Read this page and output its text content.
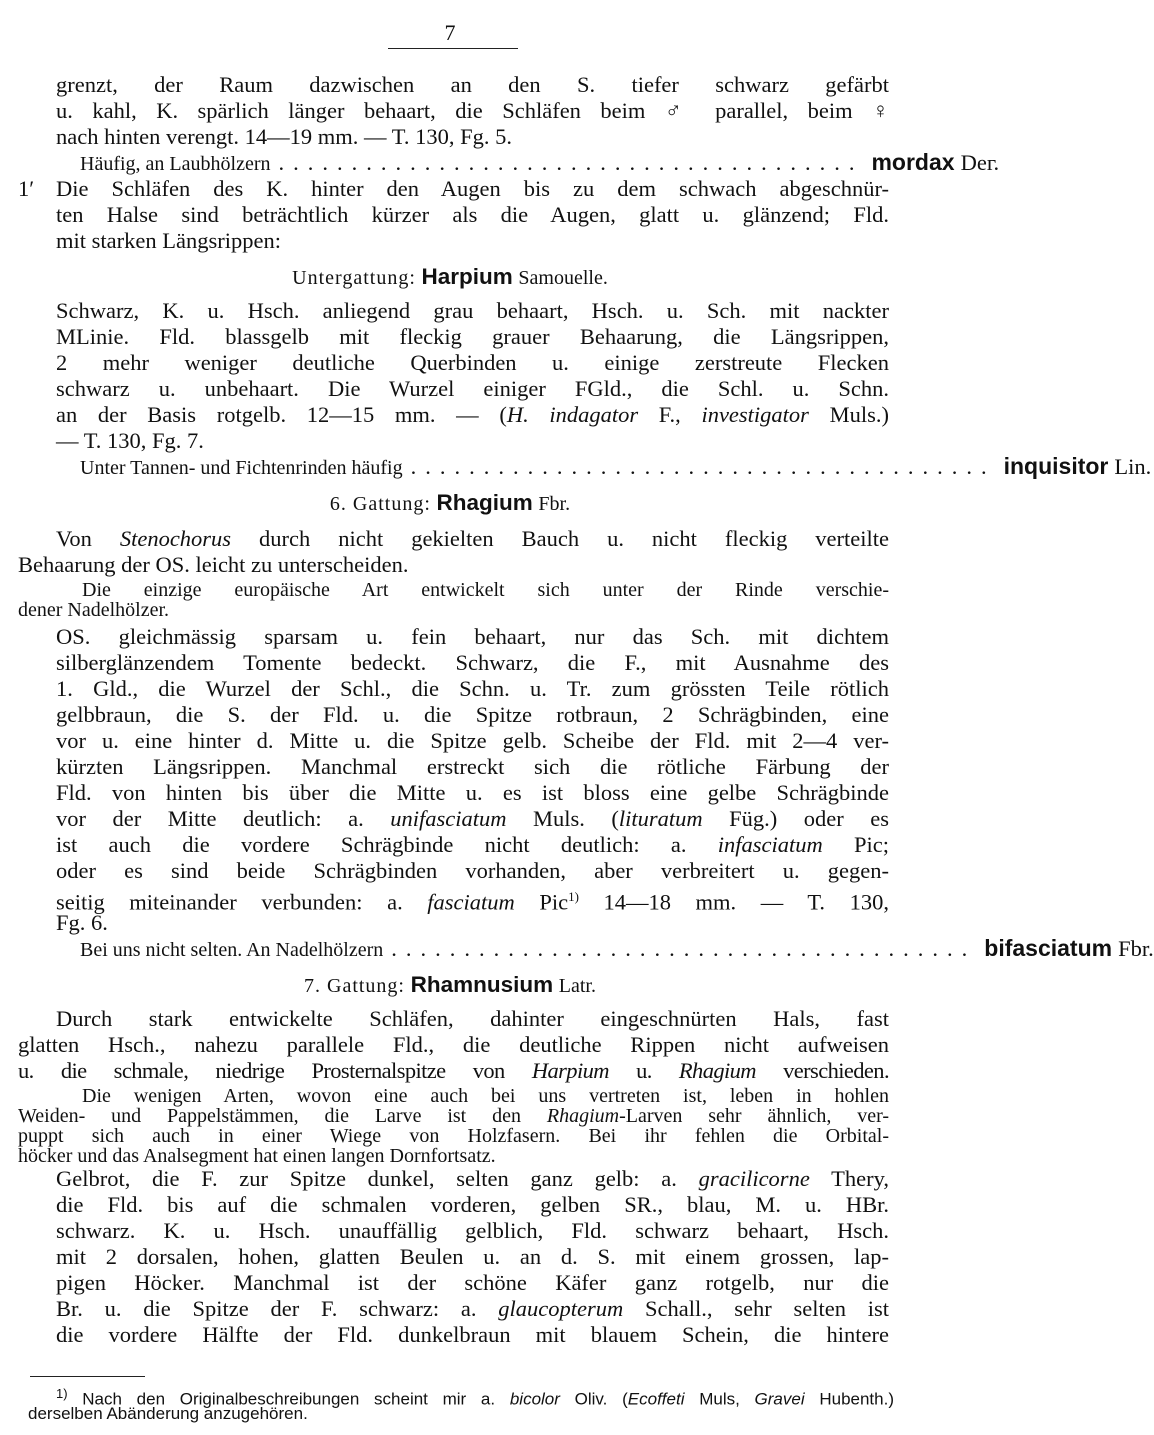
7
grenzt, der Raum dazwischen an den S. tiefer schwarz gefärbt
u. kahl, K. spärlich länger behaart, die Schläfen beim ♂ parallel, beim ♀
nach hinten verengt. 14—19 mm. — T. 130, Fg. 5.
Häufig, an Laubhölzern ........................................ mordax Dег.
1′ Die Schläfen des K. hinter den Augen bis zu dem schwach abgeschnür-
ten Halse sind beträchtlich kürzer als die Augen, glatt u. glänzend; Fld.
mit starken Längsrippen:
Untergattung: Harpium Samouelle.
Schwarz, K. u. Hsch. anliegend grau behaart, Hsch. u. Sch. mit nackter
MLinie. Fld. blassgelb mit fleckig grauer Behaarung, die Längsrippen,
2 mehr weniger deutliche Querbinden u. einige zerstreute Flecken
schwarz u. unbehaart. Die Wurzel einiger FGld., die Schl. u. Schn.
an der Basis rotgelb. 12—15 mm. — (H. indagator F., investigator Muls.)
— T. 130, Fg. 7.
Unter Tannen- und Fichtenrinden häufig ........................................ inquisitor Lin.
6. Gattung: Rhagium Fbr.
Von Stenochorus durch nicht gekielten Bauch u. nicht fleckig verteilte
Behaarung der OS. leicht zu unterscheiden.
Die einzige europäische Art entwickelt sich unter der Rinde verschie-
dener Nadelhölzer.
OS. gleichmässig sparsam u. fein behaart, nur das Sch. mit dichtem
silberglänzendem Tomente bedeckt. Schwarz, die F., mit Ausnahme des
1. Gld., die Wurzel der Schl., die Schn. u. Tr. zum grössten Teile rötlich
gelbbraun, die S. der Fld. u. die Spitze rotbraun, 2 Schrägbinden, eine
vor u. eine hinter d. Mitte u. die Spitze gelb. Scheibe der Fld. mit 2—4 ver-
kürzten Längsrippen. Manchmal erstreckt sich die rötliche Färbung der
Fld. von hinten bis über die Mitte u. es ist bloss eine gelbe Schrägbinde
vor der Mitte deutlich: a. unifasciatum Muls. (lituratum Füg.) oder es
ist auch die vordere Schrägbinde nicht deutlich: a. infasciatum Pic;
oder es sind beide Schrägbinden vorhanden, aber verbreitert u. gegen-
seitig miteinander verbunden: a. fasciatum Pic$^{1)}$ 14—18 mm. — T. 130,
Fg. 6.
Bei uns nicht selten. An Nadelhölzern ........................................ bifasciatum Fbr.
7. Gattung: Rhamnusium Latr.
Durch stark entwickelte Schläfen, dahinter eingeschnürten Hals, fast
glatten Hsch., nahezu parallele Fld., die deutliche Rippen nicht aufweisen
u. die schmale, niedrige Prosternalspitze von Harpium u. Rhagium verschieden.
Die wenigen Arten, wovon eine auch bei uns vertreten ist, leben in hohlen
Weiden- und Pappelstämmen, die Larve ist den Rhagium-Larven sehr ähnlich, ver-
puppt sich auch in einer Wiege von Holzfasern. Bei ihr fehlen die Orbital-
höcker und das Analsegment hat einen langen Dornfortsatz.
Gelbrot, die F. zur Spitze dunkel, selten ganz gelb: a. gracilicorne Thery,
die Fld. bis auf die schmalen vorderen, gelben SR., blau, M. u. HBr.
schwarz. K. u. Hsch. unauffällig gelblich, Fld. schwarz behaart, Hsch.
mit 2 dorsalen, hohen, glatten Beulen u. an d. S. mit einem grossen, lap-
pigen Höcker. Manchmal ist der schöne Käfer ganz rotgelb, nur die
Br. u. die Spitze der F. schwarz: a. glaucopterum Schall., sehr selten ist
die vordere Hälfte der Fld. dunkelbraun mit blauem Schein, die hintere
$^{1)}$ Nach den Originalbeschreibungen scheint mir a. bicolor Oliv. (Ecoffeti Muls, Gravei Hubenth.)
derselben Abänderung anzugehören.
